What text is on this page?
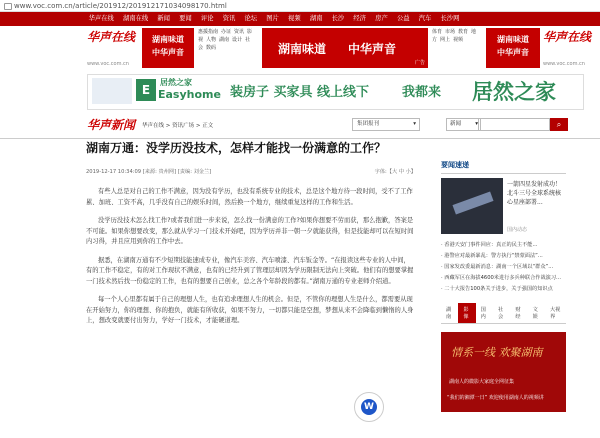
www.voc.com.cn/article/201912/201912171034098170.html
华声在线	湖南在线	新闻	要闻	评论	资讯	论坛	图片	视频	湖南	长沙	经济	房产	公益	汽车	长沙网
华声在线
www.voc.com.cn
湖南味道
中华声音
惠援指南 办证 资讯 影视 人物 湖南 设计 社会 数码	湖南味道 中华声音
广告
体育 市场 教育 地方 网上 视频	湖南味道
中华声音
华声在线
www.voc.com.cn
E
居然之家
Easyhome 装房子 买家具 线上线下	我都来 居然之家
华声新闻 华声在线 > 资讯广场 > 正文	集团报刊	▾	新闻	▾	⌕
湖南万通：没学历没技术，怎样才能找一份满意的工作？
2019-12-17 10:34:09 [来源: 贵州网] [责编: 刘金兰]	字体:【大 中 小】
有些人总是对自己的工作不满意，因为没有学历，也没有系统专业的技术，总是这个地方待一段时间，受不了工作累、加班、工资不高，几乎没有自己的娱乐时间，然后换一个地方，继续重复这样的工作和生活。
没学历没技术怎么找工作?或者我们进一步来说，怎么找一份满意的工作?如果你想要不劳而获，那么抱歉，答案是不可能。如果你想要改变，那么就从学习一门技术开始吧，因为学历并非一朝一夕就能获得，但是技能却可以在短时间内习得，并且应用到你的工作中去。
据悉，在湖南万通有不少短期技能速成专业，像汽车美容、汽车喷漆、汽车钣金等。“在报读这些专业的人中间，有的工作不稳定，有的对工作现状不满意，也有的已经升到了管理层却因为学历限制无法向上突破。他们有的想要掌握一门技术然后找一份稳定的工作，也有的想要自己创业，总之各个年龄段的都有。”湖南万通的专业老师介绍道。
每一个人心里都有属于自己的理想人生，也有追求理想人生的机会。但是，不管你的理想人生是什么，都需要从现在开始努力，你的理想、你的抱负，就能有所收获，如果不努力，一切都只能是空想，梦想从来不会降临到懒惰的人身上，想改变就要付出努力，学好一门技术，才能硬道理。
要闻速递
一箭四星发射成功！北斗三号全球系统核心星座部署...
国内动态
· 香港天安门事件回应：真正的民主不能...
· 港警应对最新暴乱：警方执行“禁蒙面法”...
· 国家发改委最新消息：湖南一个区域以“群众”...
· 西藏军区在海拔4600米进行多兵种联合作战演习...
· 二十大报告100条关于进步，关于强国的知识点
湖南
影像
国内
社会
财经
文娱
大视界
情系一线 欢聚湖南
湖南人的微影大家庭全网征集
“我们的湘潭一日” 欢迎使用湖南人的视频讲
W
